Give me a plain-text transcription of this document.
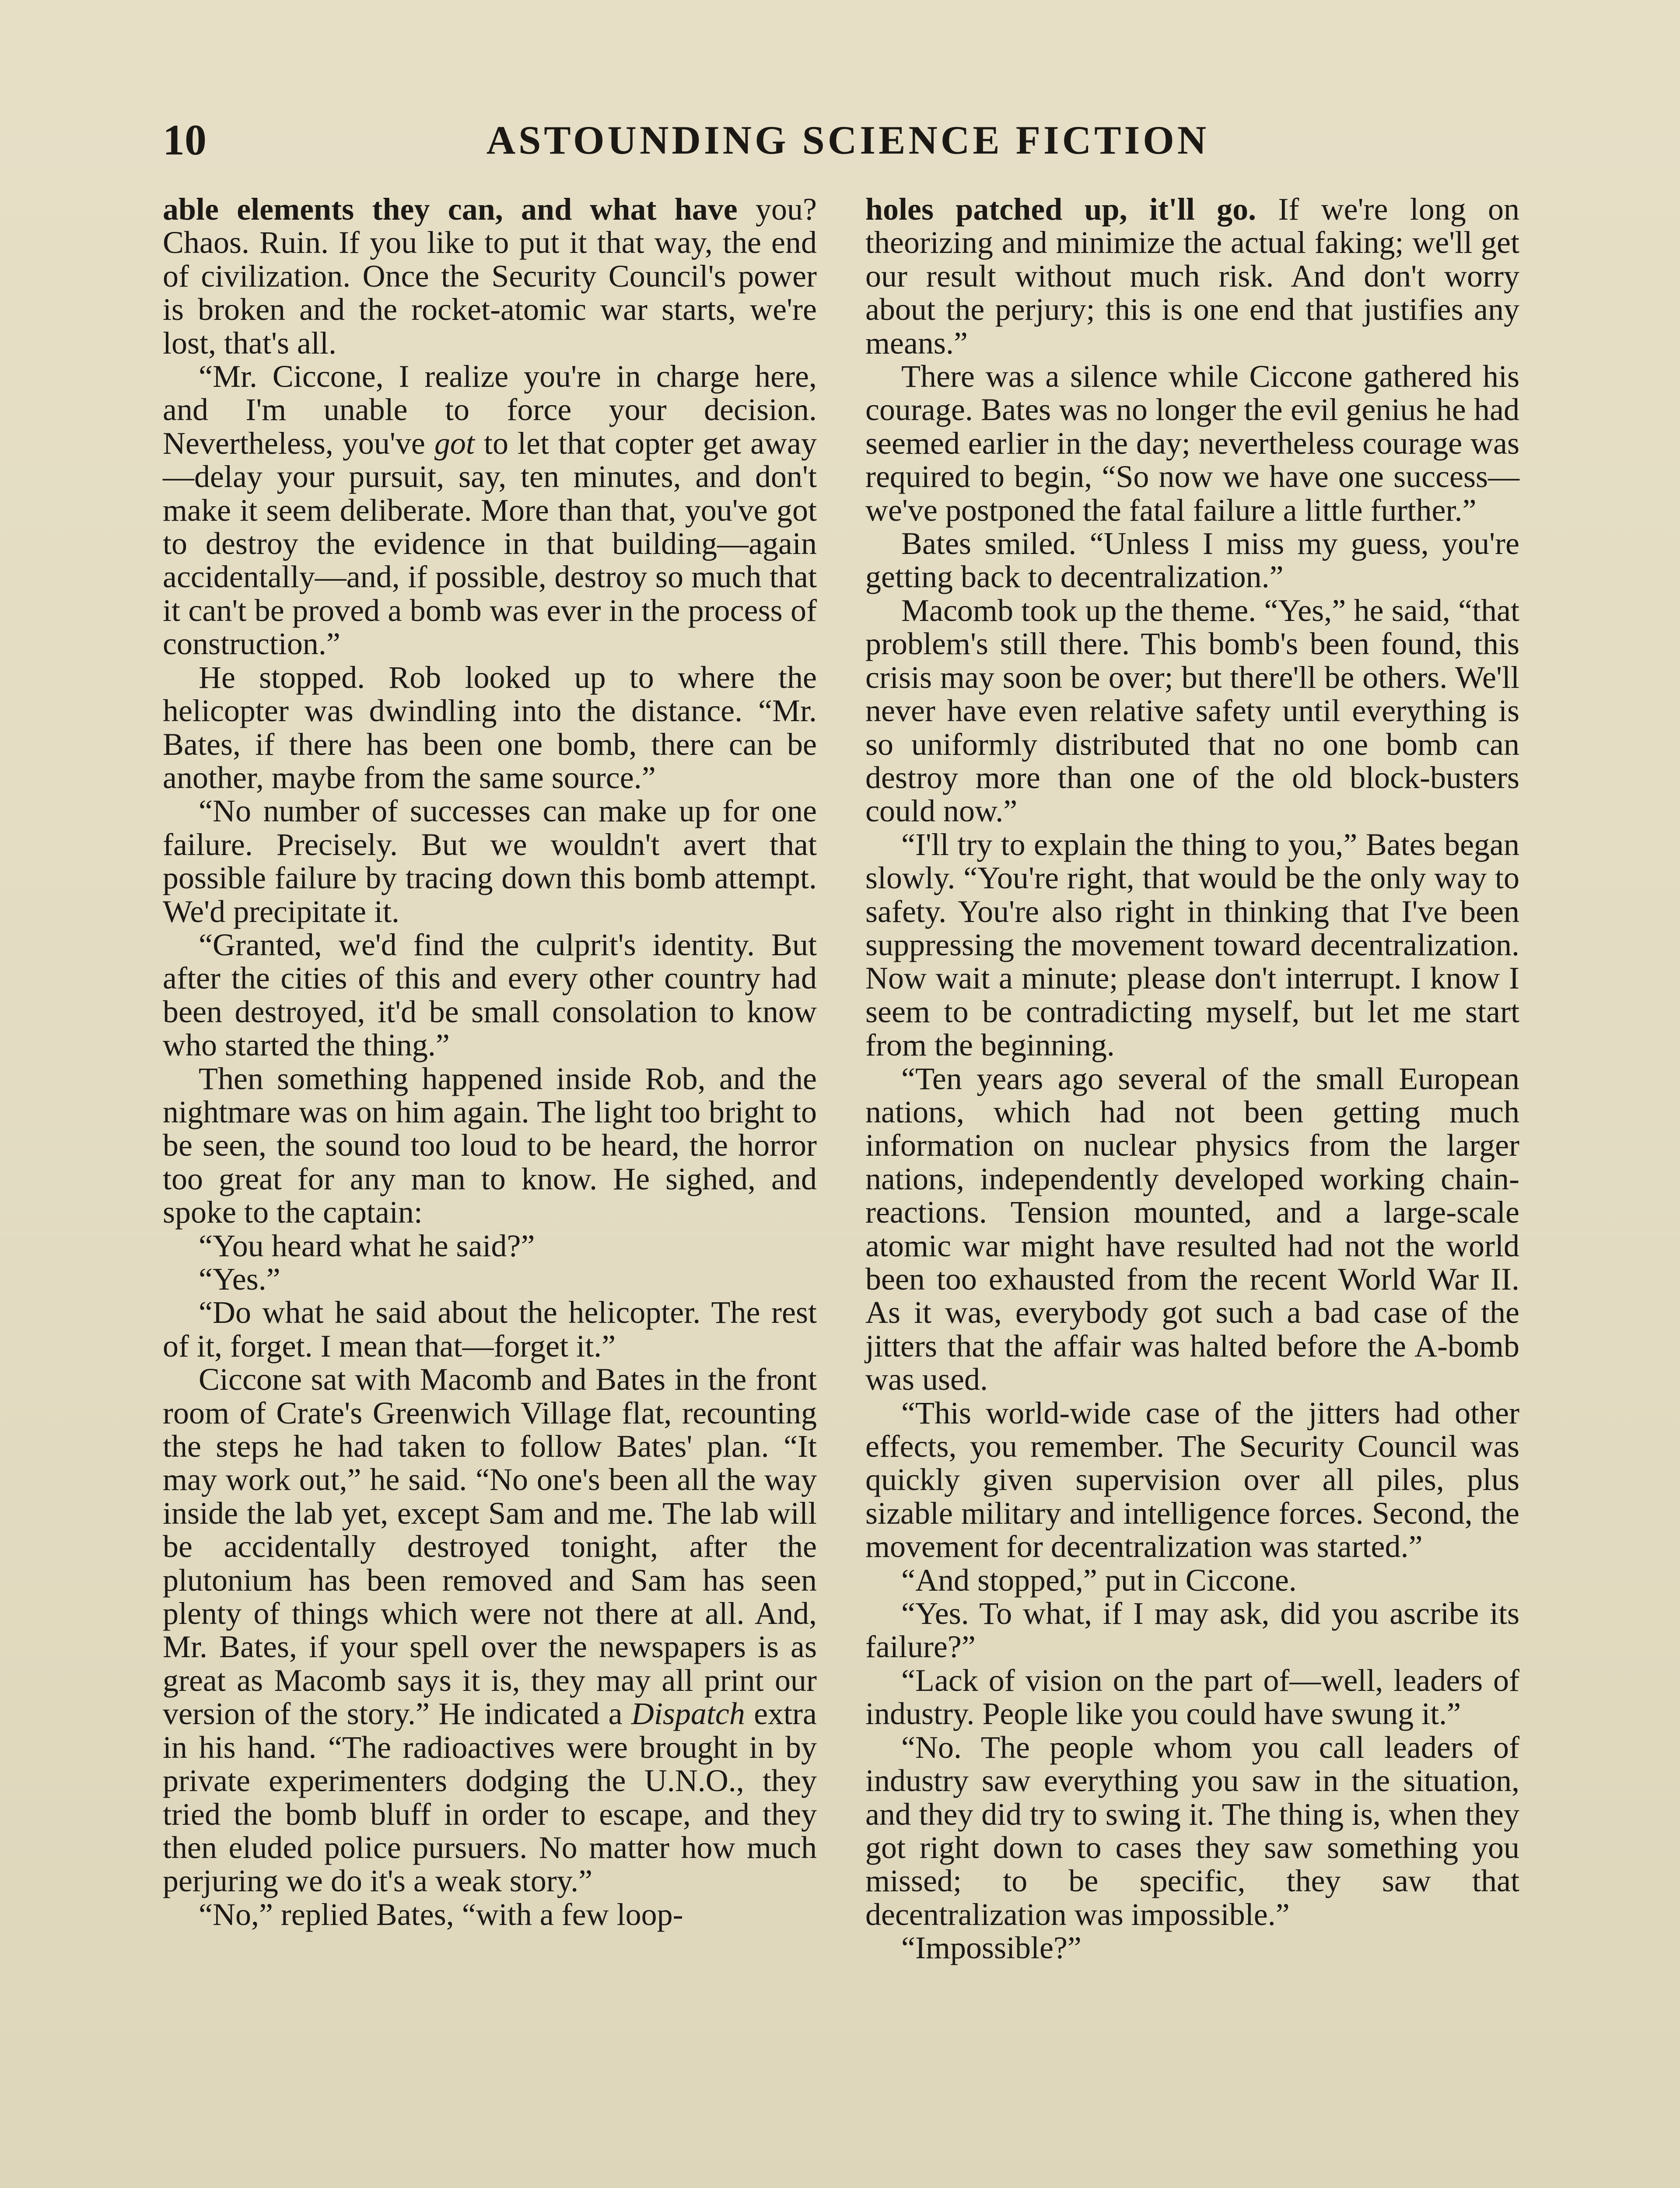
10	ASTOUNDING SCIENCE FICTION

able elements they can, and what have you? Chaos. Ruin. If you like to put it that way, the end of civilization. Once the Security Council's power is broken and the rocket-atomic war starts, we're lost, that's all.

“Mr. Ciccone, I realize you're in charge here, and I'm unable to force your decision. Nevertheless, you've got to let that copter get away—delay your pursuit, say, ten minutes, and don't make it seem deliberate. More than that, you've got to destroy the evidence in that building—again accidentally—and, if possible, destroy so much that it can't be proved a bomb was ever in the process of construction.”

He stopped. Rob looked up to where the helicopter was dwindling into the distance. “Mr. Bates, if there has been one bomb, there can be another, maybe from the same source.”

“No number of successes can make up for one failure. Precisely. But we wouldn't avert that possible failure by tracing down this bomb attempt. We'd precipitate it.

“Granted, we'd find the culprit's identity. But after the cities of this and every other country had been destroyed, it'd be small consolation to know who started the thing.”

Then something happened inside Rob, and the nightmare was on him again. The light too bright to be seen, the sound too loud to be heard, the horror too great for any man to know. He sighed, and spoke to the captain:

“You heard what he said?”

“Yes.”

“Do what he said about the helicopter. The rest of it, forget. I mean that—forget it.”

Ciccone sat with Macomb and Bates in the front room of Crate's Greenwich Village flat, recounting the steps he had taken to follow Bates' plan. “It may work out,” he said. “No one's been all the way inside the lab yet, except Sam and me. The lab will be accidentally destroyed tonight, after the plutonium has been removed and Sam has seen plenty of things which were not there at all. And, Mr. Bates, if your spell over the newspapers is as great as Macomb says it is, they may all print our version of the story.” He indicated a Dispatch extra in his hand. “The radioactives were brought in by private experimenters dodging the U.N.O., they tried the bomb bluff in order to escape, and they then eluded police pursuers. No matter how much perjuring we do it's a weak story.”

“No,” replied Bates, “with a few loop-

holes patched up, it'll go. If we're long on theorizing and minimize the actual faking; we'll get our result without much risk. And don't worry about the perjury; this is one end that justifies any means.”

There was a silence while Ciccone gathered his courage. Bates was no longer the evil genius he had seemed earlier in the day; nevertheless courage was required to begin, “So now we have one success—we've postponed the fatal failure a little further.”

Bates smiled. “Unless I miss my guess, you're getting back to decentralization.”

Macomb took up the theme. “Yes,” he said, “that problem's still there. This bomb's been found, this crisis may soon be over; but there'll be others. We'll never have even relative safety until everything is so uniformly distributed that no one bomb can destroy more than one of the old block-busters could now.”

“I'll try to explain the thing to you,” Bates began slowly. “You're right, that would be the only way to safety. You're also right in thinking that I've been suppressing the movement toward decentralization. Now wait a minute; please don't interrupt. I know I seem to be contradicting myself, but let me start from the beginning.

“Ten years ago several of the small European nations, which had not been getting much information on nuclear physics from the larger nations, independently developed working chain-reactions. Tension mounted, and a large-scale atomic war might have resulted had not the world been too exhausted from the recent World War II. As it was, everybody got such a bad case of the jitters that the affair was halted before the A-bomb was used.

“This world-wide case of the jitters had other effects, you remember. The Security Council was quickly given supervision over all piles, plus sizable military and intelligence forces. Second, the movement for decentralization was started.”

“And stopped,” put in Ciccone.

“Yes. To what, if I may ask, did you ascribe its failure?”

“Lack of vision on the part of—well, leaders of industry. People like you could have swung it.”

“No. The people whom you call leaders of industry saw everything you saw in the situation, and they did try to swing it. The thing is, when they got right down to cases they saw something you missed; to be specific, they saw that decentralization was impossible.”

“Impossible?”
